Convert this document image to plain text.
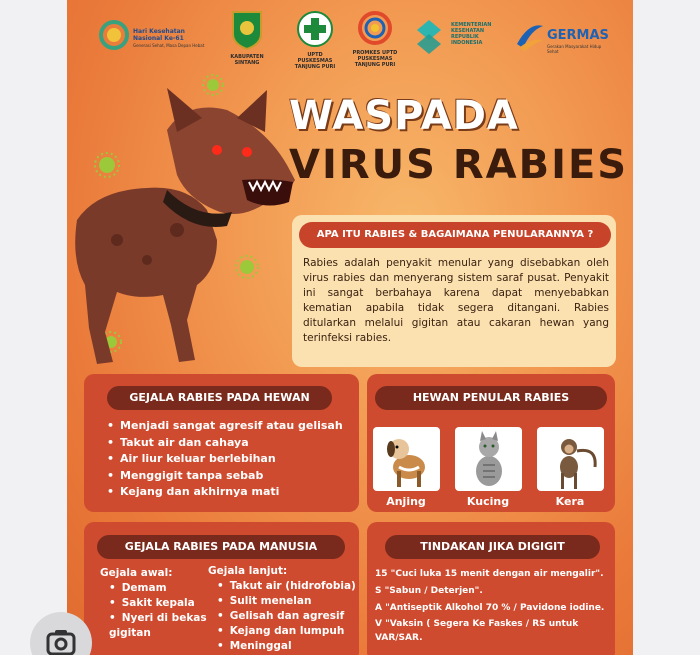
Hari Kesehatan Nasional Ke-61
Generasi Sehat, Masa Depan Hebat
KABUPATEN SINTANG
UPTD PUSKESMAS TANJUNG PURI
PROMKES UPTD PUSKESMAS TANJUNG PURI
KEMENTERIAN KESEHATAN REPUBLIK INDONESIA	GERMAS
Gerakan Masyarakat Hidup Sehat
WASPADA
VIRUS RABIES
APA ITU RABIES & BAGAIMANA PENULARANNYA ?
Rabies adalah penyakit menular yang disebabkan oleh virus rabies dan menyerang sistem saraf pusat. Penyakit ini sangat berbahaya karena dapat menyebabkan kematian apabila tidak segera ditangani. Rabies ditularkan melalui gigitan atau cakaran hewan yang terinfeksi rabies.
GEJALA RABIES PADA HEWAN
• Menjadi sangat agresif atau gelisah
• Takut air dan cahaya
• Air liur keluar berlebihan
• Menggigit tanpa sebab
• Kejang dan akhirnya mati
HEWAN PENULAR RABIES
Anjing	Kucing	Kera
GEJALA RABIES PADA MANUSIA
Gejala awal:
• Demam
• Sakit kepala
• Nyeri di bekas gigitan
Gejala lanjut:
• Takut air (hidrofobia)
• Sulit menelan
• Gelisah dan agresif
• Kejang dan lumpuh
• Meninggal
TINDAKAN JIKA DIGIGIT
15 "Cuci luka 15 menit dengan air mengalir".
S "Sabun / Deterjen".
A "Antiseptik Alkohol 70 % / Pavidone iodine.
V "Vaksin ( Segera Ke Faskes / RS untuk VAR/SAR.
